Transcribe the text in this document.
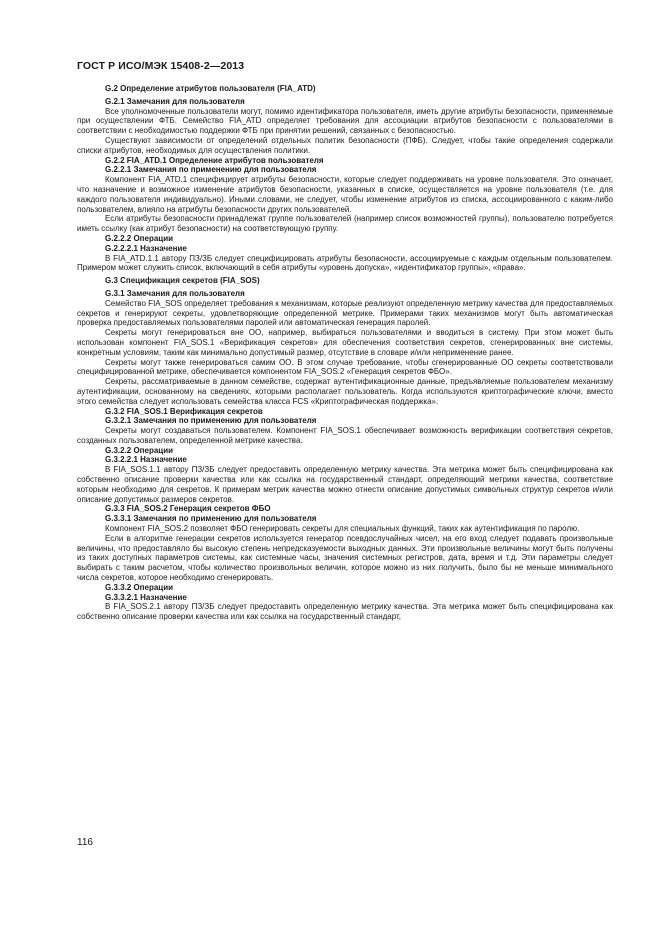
ГОСТ Р ИСО/МЭК 15408-2—2013
G.2 Определение атрибутов пользователя (FIA_ATD)
G.2.1 Замечания для пользователя

Все уполномоченные пользователи могут, помимо идентификатора пользователя, иметь другие атрибуты безопасности, применяемые при осуществлении ФТБ. Семейство FIA_ATD определяет требования для ассоциации атрибутов безопасности с пользователями в соответствии с необходимостью поддержки ФТБ при принятии решений, связанных с безопасностью.

Существуют зависимости от определений отдельных политик безопасности (ПФБ). Следует, чтобы такие определения содержали списки атрибутов, необходимых для осуществления политики.

G.2.2 FIA_ATD.1 Определение атрибутов пользователя
G.2.2.1 Замечания по применению для пользователя

Компонент FIA_ATD.1 специфицирует атрибуты безопасности, которые следует поддерживать на уровне пользователя. Это означает, что назначение и возможное изменение атрибутов безопасности, указанных в списке, осуществляется на уровне пользователя (т.е. для каждого пользователя индивидуально). Иными словами, не следует, чтобы изменение атрибутов из списка, ассоциированного с каким-либо пользователем, влияло на атрибуты безопасности других пользователей.

Если атрибуты безопасности принадлежат группе пользователей (например список возможностей группы), пользователю потребуется иметь ссылку (как атрибут безопасности) на соответствующую группу.

G.2.2.2 Операции
G.2.2.2.1 Назначение

В FIA_ATD.1.1 автору ПЗ/ЗБ следует специфицировать атрибуты безопасности, ассоциируемые с каждым отдельным пользователем. Примером может служить список, включающий в себя атрибуты «уровень допуска», «идентификатор группы», «права».

G.3 Спецификация секретов (FIA_SOS)
G.3.1 Замечания для пользователя

Семейство FIA_SOS определяет требования к механизмам, которые реализуют определенную метрику качества для предоставляемых секретов и генерируют секреты, удовлетворяющие определенной метрике. Примерами таких механизмов могут быть автоматическая проверка предоставляемых пользователями паролей или автоматическая генерация паролей.

Секреты могут генерироваться вне ОО, например, выбираться пользователями и вводиться в систему. При этом может быть использован компонент FIA_SOS.1 «Верификация секретов» для обеспечения соответствия секретов, сгенерированных вне системы, конкретным условиям, таким как минимально допустимый размер, отсутствие в словаре и/или неприменение ранее.

Секреты могут также генерироваться самим ОО. В этом случае требование, чтобы сгенерированные ОО секреты соответствовали специфицированной метрике, обеспечивается компонентом FIA_SOS.2 «Генерация секретов ФБО».

Секреты, рассматриваемые в данном семействе, содержат аутентификационные данные, предъявляемые пользователем механизму аутентификации, основанному на сведениях, которыми располагает пользователь. Когда используются криптографические ключи, вместо этого семейства следует использовать семейства класса FCS «Криптографическая поддержка».

G.3.2 FIA_SOS.1 Верификация секретов
G.3.2.1 Замечания по применению для пользователя

Секреты могут создаваться пользователем. Компонент FIA_SOS.1 обеспечивает возможность верификации соответствия секретов, созданных пользователем, определенной метрике качества.

G.3.2.2 Операции
G.3.2.2.1 Назначение

В FIA_SOS.1.1 автору ПЗ/ЗБ следует предоставить определенную метрику качества. Эта метрика может быть специфицирована как собственно описание проверки качества или как ссылка на государственный стандарт, определяющий метрики качества, соответствие которым необходимо для секретов. К примерам метрик качества можно отнести описание допустимых символьных структур секретов и/или описание допустимых размеров секретов.

G.3.3 FIA_SOS.2 Генерация секретов ФБО
G.3.3.1 Замечания по применению для пользователя

Компонент FIA_SOS.2 позволяет ФБО генерировать секреты для специальных функций, таких как аутентификация по паролю.

Если в алгоритме генерации секретов используется генератор псевдослучайных чисел, на его вход следует подавать произвольные величины, что предоставляло бы высокую степень непредсказуемости выходных данных. Эти произвольные величины могут быть получены из таких доступных параметров системы, как системные часы, значения системных регистров, дата, время и т.д. Эти параметры следует выбирать с таким расчетом, чтобы количество произвольных величин, которое можно из них получить, было бы не меньше минимального числа секретов, которое необходимо сгенерировать.

G.3.3.2 Операции
G.3.3.2.1 Назначение

В FIA_SOS.2.1 автору ПЗ/ЗБ следует предоставить определенную метрику качества. Эта метрика может быть специфицирована как собственно описание проверки качества или как ссылка на государственный стандарт,

116
